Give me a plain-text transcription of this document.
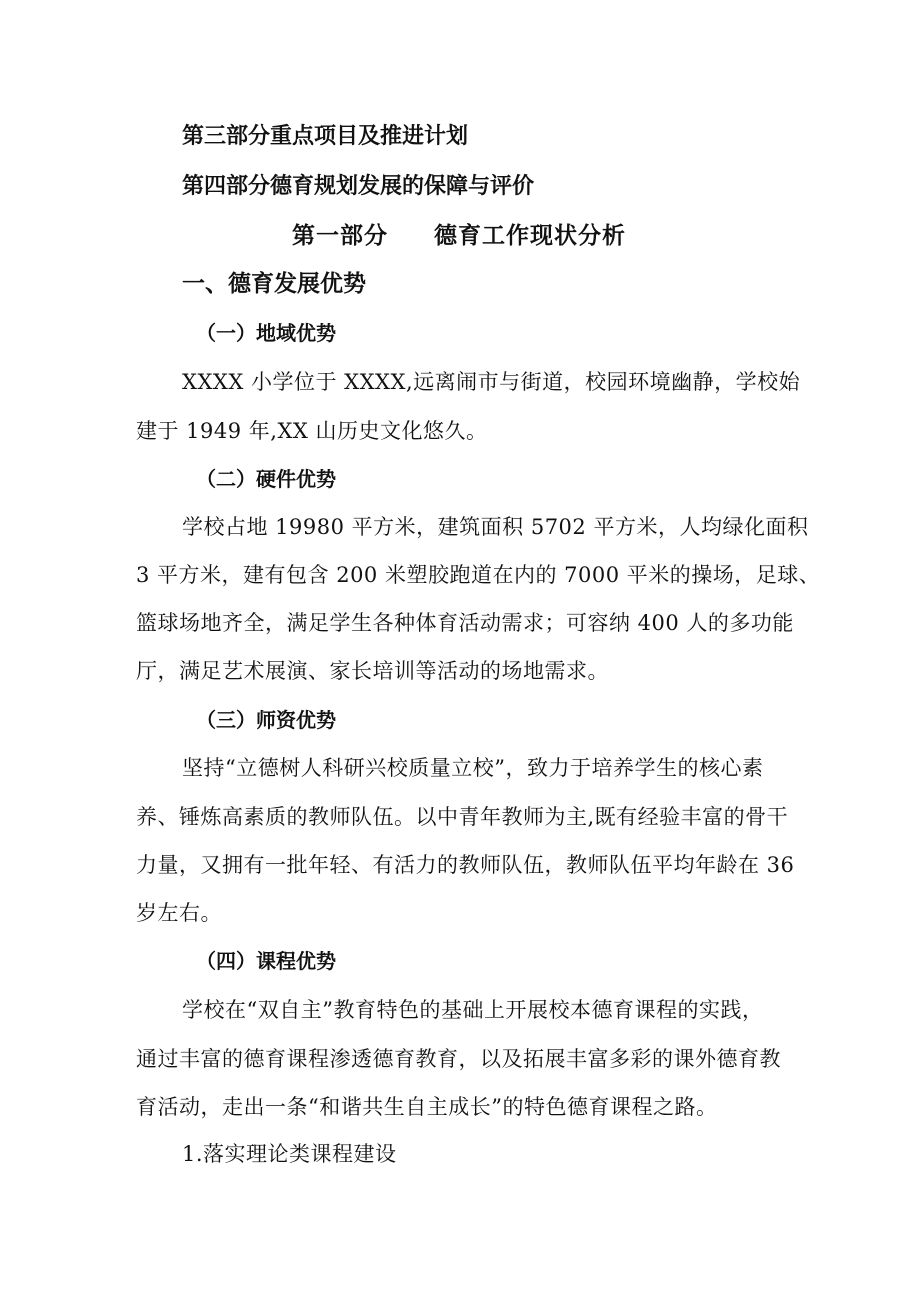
第三部分重点项目及推进计划

第四部分德育规划发展的保障与评价

第一部分 德育工作现状分析

一、德育发展优势

（一）地域优势

XXXX 小学位于 XXXX,远离闹市与街道，校园环境幽静，学校始

建于 1949 年,XX 山历史文化悠久。

（二）硬件优势

学校占地 19980 平方米，建筑面积 5702 平方米，人均绿化面积

3 平方米，建有包含 200 米塑胶跑道在内的 7000 平米的操场，足球、

篮球场地齐全，满足学生各种体育活动需求；可容纳 400 人的多功能

厅，满足艺术展演、家长培训等活动的场地需求。

（三）师资优势

坚持“立德树人科研兴校质量立校”，致力于培养学生的核心素

养、锤炼高素质的教师队伍。以中青年教师为主,既有经验丰富的骨干

力量，又拥有一批年轻、有活力的教师队伍，教师队伍平均年龄在 36

岁左右。

（四）课程优势

学校在“双自主”教育特色的基础上开展校本德育课程的实践，

通过丰富的德育课程渗透德育教育，以及拓展丰富多彩的课外德育教

育活动，走出一条“和谐共生自主成长”的特色德育课程之路。

1.落实理论类课程建设
